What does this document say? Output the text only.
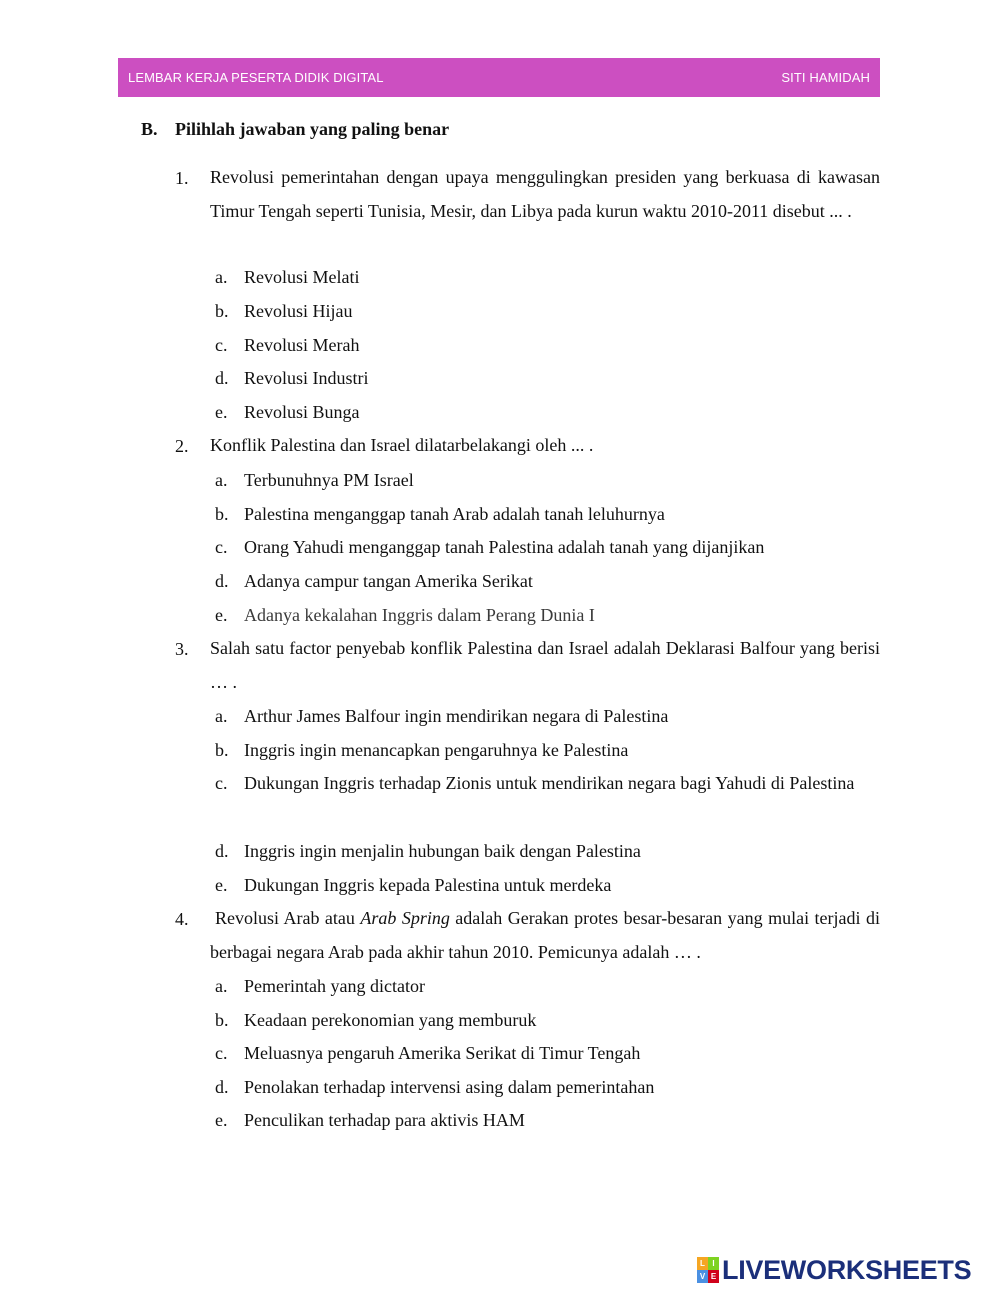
LEMBAR KERJA PESERTA DIDIK DIGITAL	SITI HAMIDAH
B. Pilihlah jawaban yang paling benar
1. Revolusi pemerintahan dengan upaya menggulingkan presiden yang berkuasa di kawasan Timur Tengah seperti Tunisia, Mesir, dan Libya pada kurun waktu 2010-2011 disebut ... .
a. Revolusi Melati
b. Revolusi Hijau
c. Revolusi Merah
d. Revolusi Industri
e. Revolusi Bunga
2. Konflik Palestina dan Israel dilatarbelakangi oleh ... .
a. Terbunuhnya PM Israel
b. Palestina menganggap tanah Arab adalah tanah leluhurnya
c. Orang Yahudi menganggap tanah Palestina adalah tanah yang dijanjikan
d. Adanya campur tangan Amerika Serikat
e. Adanya kekalahan Inggris dalam Perang Dunia I
3. Salah satu factor penyebab konflik Palestina dan Israel adalah Deklarasi Balfour yang berisi … .
a. Arthur James Balfour ingin mendirikan negara di Palestina
b. Inggris ingin menancapkan pengaruhnya ke Palestina
c. Dukungan Inggris terhadap Zionis untuk mendirikan negara bagi Yahudi di Palestina
d. Inggris ingin menjalin hubungan baik dengan Palestina
e. Dukungan Inggris kepada Palestina untuk merdeka
4. Revolusi Arab atau Arab Spring adalah Gerakan protes besar-besaran yang mulai terjadi di berbagai negara Arab pada akhir tahun 2010. Pemicunya adalah … .
a. Pemerintah yang dictator
b. Keadaan perekonomian yang memburuk
c. Meluasnya pengaruh Amerika Serikat di Timur Tengah
d. Penolakan terhadap intervensi asing dalam pemerintahan
e. Penculikan terhadap para aktivis HAM
L I
V E LIVEWORKSHEETS
